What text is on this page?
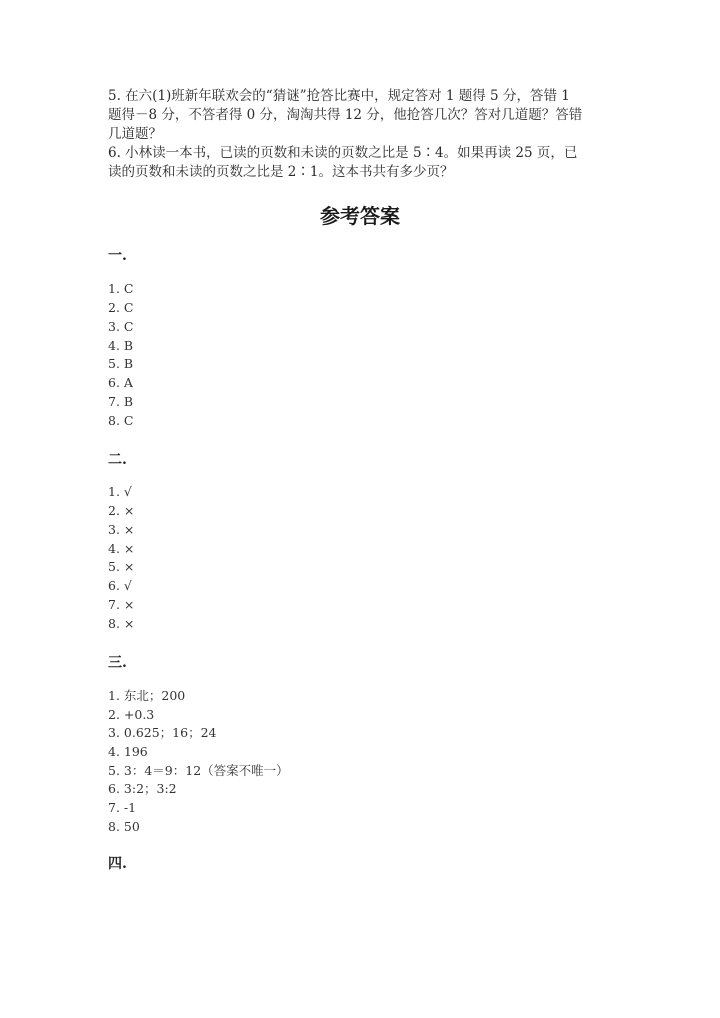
5. 在六(1)班新年联欢会的“猜谜”抢答比赛中，规定答对 1 题得 5 分，答错 1
题得－8 分，不答者得 0 分，淘淘共得 12 分，他抢答几次？答对几道题？答错
几道题？
6. 小林读一本书，已读的页数和未读的页数之比是 5∶4。如果再读 25 页，已
读的页数和未读的页数之比是 2∶1。这本书共有多少页？
参考答案
一.
1. C
2. C
3. C
4. B
5. B
6. A
7. B
8. C
二.
1. √
2. ×
3. ×
4. ×
5. ×
6. √
7. ×
8. ×
三.
1. 东北；200
2. +0.3
3. 0.625；16；24
4. 196
5. 3：4＝9：12（答案不唯一）
6. 3:2；3:2
7. -1
8. 50
四.
